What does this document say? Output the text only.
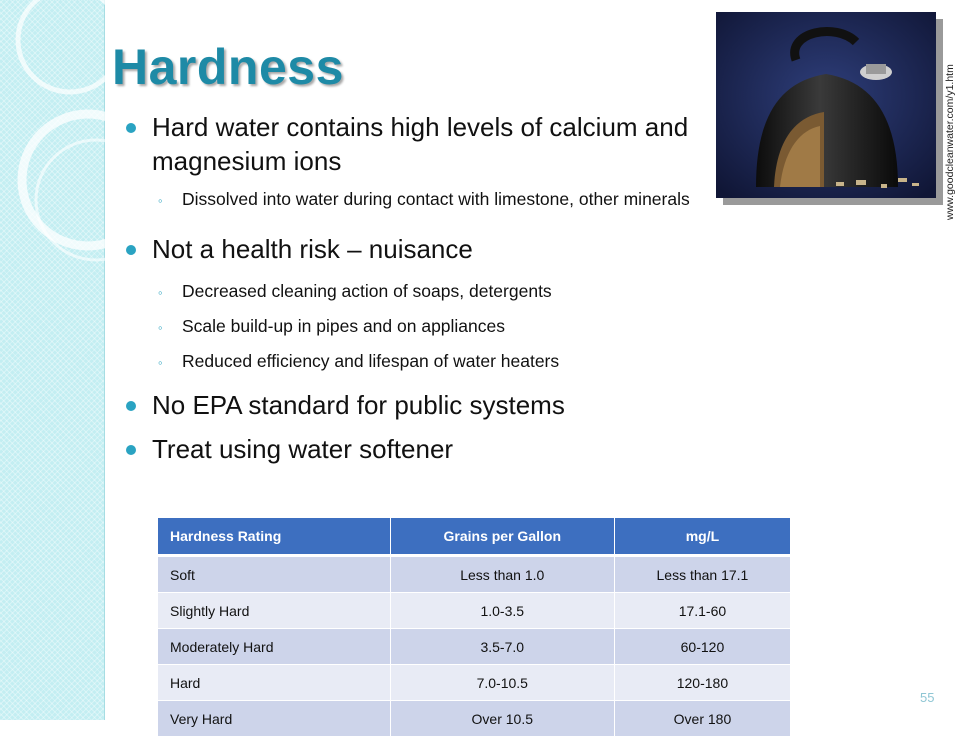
Hardness
Hard water contains high levels of calcium and magnesium ions
◦ Dissolved into water during contact with limestone, other minerals
Not a health risk – nuisance
◦ Decreased cleaning action of soaps, detergents
◦ Scale build-up in pipes and on appliances
◦ Reduced efficiency and lifespan of water heaters
No EPA standard for public systems
Treat using water softener
www.goodcleanwater.com/y1.htm
Hardness Rating	Grains per Gallon	mg/L
Soft	Less than 1.0	Less than 17.1
Slightly Hard	1.0-3.5	17.1-60
Moderately Hard	3.5-7.0	60-120
Hard	7.0-10.5	120-180
Very Hard	Over 10.5	Over 180
55
